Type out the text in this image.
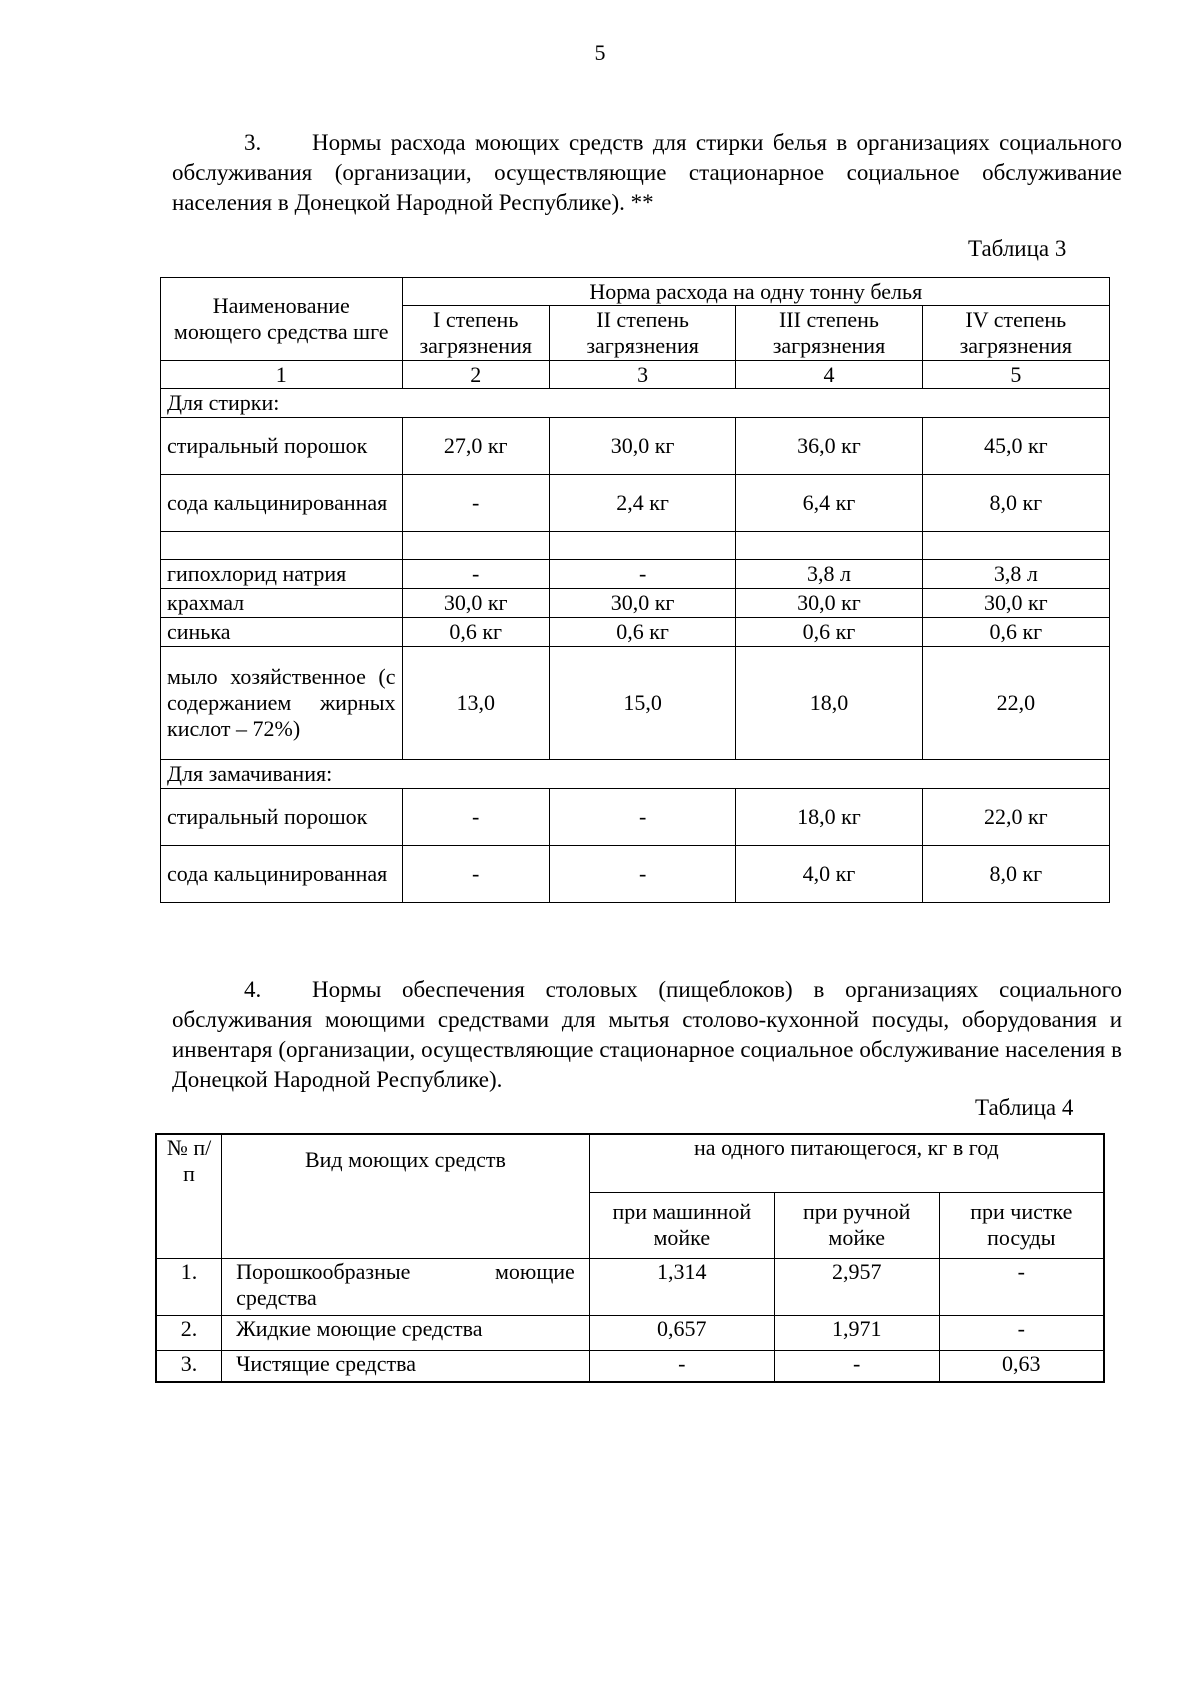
5
3. Нормы расхода моющих средств для стирки белья в организациях социального обслуживания (организации, осуществляющие стационарное социальное обслуживание населения в Донецкой Народной Республике). **
Таблица 3
Наименование моющего средства шге	Норма расхода на одну тонну белья			
	I степень загрязнения	II степень загрязнения	III степень загрязнения	IV степень загрязнения
1	2	3	4	5
Для стирки:				
стиральный порошок	27,0 кг	30,0 кг	36,0 кг	45,0 кг
сода кальцинированная	-	2,4 кг	6,4 кг	8,0 кг

гипохлорид натрия	-	-	3,8 л	3,8 л
крахмал	30,0 кг	30,0 кг	30,0 кг	30,0 кг
синька	0,6 кг	0,6 кг	0,6 кг	0,6 кг
мыло хозяйственное (с содержанием жирных кислот – 72%)	13,0	15,0	18,0	22,0
Для замачивания:				
стиральный порошок	-	-	18,0 кг	22,0 кг
сода кальцинированная	-	-	4,0 кг	8,0 кг
4. Нормы обеспечения столовых (пищеблоков) в организациях социального обслуживания моющими средствами для мытья столово-кухонной посуды, оборудования и инвентаря (организации, осуществляющие стационарное социальное обслуживание населения в Донецкой Народной Республике).
Таблица 4
№ п/п	Вид моющих средств	на одного питающегося, кг в год		
		при машинной мойке	при ручной мойке	при чистке посуды
1.	Порошкообразные моющие средства	1,314	2,957	-
2.	Жидкие моющие средства	0,657	1,971	-
3.	Чистящие средства	-	-	0,63
